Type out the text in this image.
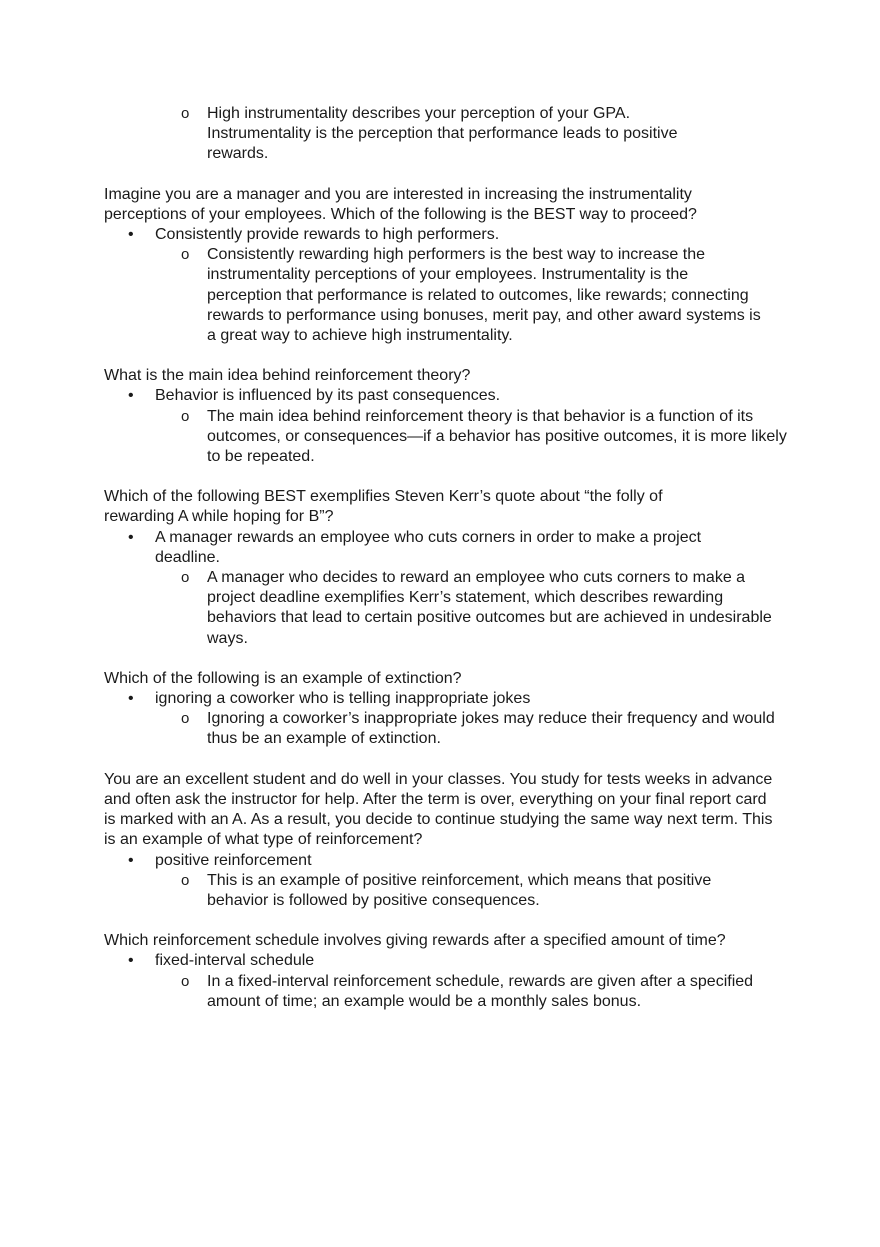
o High instrumentality describes your perception of your GPA. Instrumentality is the perception that performance leads to positive rewards.

Imagine you are a manager and you are interested in increasing the instrumentality perceptions of your employees. Which of the following is the BEST way to proceed?

• Consistently provide rewards to high performers.
o Consistently rewarding high performers is the best way to increase the instrumentality perceptions of your employees. Instrumentality is the perception that performance is related to outcomes, like rewards; connecting rewards to performance using bonuses, merit pay, and other award systems is a great way to achieve high instrumentality.

What is the main idea behind reinforcement theory?

• Behavior is influenced by its past consequences.
o The main idea behind reinforcement theory is that behavior is a function of its outcomes, or consequences—if a behavior has positive outcomes, it is more likely to be repeated.

Which of the following BEST exemplifies Steven Kerr’s quote about “the folly of rewarding A while hoping for B”?

• A manager rewards an employee who cuts corners in order to make a project deadline.
o A manager who decides to reward an employee who cuts corners to make a project deadline exemplifies Kerr’s statement, which describes rewarding behaviors that lead to certain positive outcomes but are achieved in undesirable ways.

Which of the following is an example of extinction?

• ignoring a coworker who is telling inappropriate jokes
o Ignoring a coworker’s inappropriate jokes may reduce their frequency and would thus be an example of extinction.

You are an excellent student and do well in your classes. You study for tests weeks in advance and often ask the instructor for help. After the term is over, everything on your final report card is marked with an A. As a result, you decide to continue studying the same way next term. This is an example of what type of reinforcement?

• positive reinforcement
o This is an example of positive reinforcement, which means that positive behavior is followed by positive consequences.

Which reinforcement schedule involves giving rewards after a specified amount of time?

• fixed-interval schedule
o In a fixed-interval reinforcement schedule, rewards are given after a specified amount of time; an example would be a monthly sales bonus.
